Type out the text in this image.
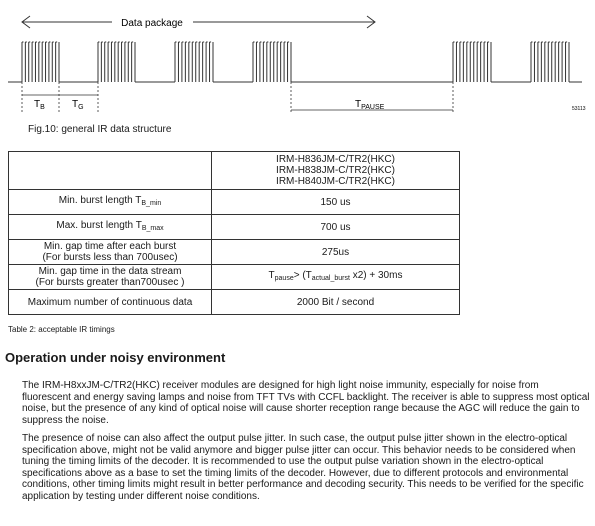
Data package
$T_B$	$T_G$	$T_{PAUSE}$	53113
Fig.10: general IR data structure

	IRM-H836JM-C/TR2(HKC)
IRM-H838JM-C/TR2(HKC)
IRM-H840JM-C/TR2(HKC)

Min. burst length $T_{B\_min}$	150 us
Max. burst length $T_{B\_max}$	700 us

Min. gap time after each burst
(For bursts less than 700usec)	275us

Min. gap time in the data stream
(For bursts greater than700usec )	$T_{pause}> (T_{actual\_burst}$ x2) + 30ms
Maximum number of continuous data	2000 Bit / second
Table 2: acceptable IR timings
Operation under noisy environment

The IRM-H8xxJM-C/TR2(HKC) receiver modules are designed for high light noise immunity, especially for noise from fluorescent and energy saving lamps and noise from TFT TVs with CCFL backlight. The receiver is able to suppress most optical noise, but the presence of any kind of optical noise will cause shorter reception range because the AGC will reduce the gain to suppress the noise.

The presence of noise can also affect the output pulse jitter. In such case, the output pulse jitter shown in the electro-optical specification above, might not be valid anymore and bigger pulse jitter can occur. This behavior needs to be considered when tuning the timing limits of the decoder. It is recommended to use the output pulse variation shown in the electro-optical specifications above as a base to set the timing limits of the decoder. However, due to different protocols and environmental conditions, other timing limits might result in better performance and decoding security. This needs to be verified for the specific application by testing under different noise conditions.
